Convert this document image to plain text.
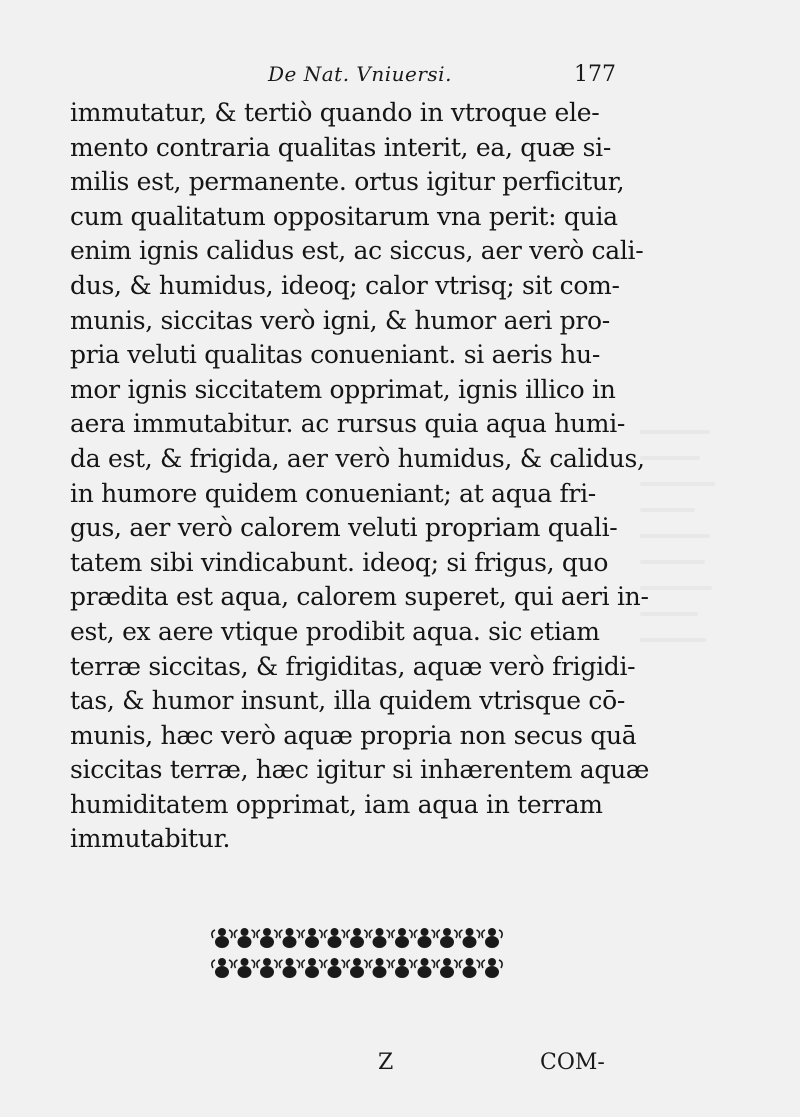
De Nat. Vniuersi.	177
immutatur, & tertiò quando in vtroque ele-
mento contraria qualitas interit, ea, quæ si-
milis est, permanente. ortus igitur perficitur,
cum qualitatum oppositarum vna perit: quia
enim ignis calidus est, ac siccus, aer verò cali-
dus, & humidus, ideoq; calor vtrisq; sit com-
munis, siccitas verò igni, & humor aeri pro-
pria veluti qualitas conueniant. si aeris hu-
mor ignis siccitatem opprimat, ignis illico in
aera immutabitur. ac rursus quia aqua humi-
da est, & frigida, aer verò humidus, & calidus,
in humore quidem conueniant; at aqua fri-
gus, aer verò calorem veluti propriam quali-
tatem sibi vindicabunt. ideoq; si frigus, quo
prædita est aqua, calorem superet, qui aeri in-
est, ex aere vtique prodibit aqua. sic etiam
terræ siccitas, & frigiditas, aquæ verò frigidi-
tas, & humor insunt, illa quidem vtrisque cō-
munis, hæc verò aquæ propria non secus quā
siccitas terræ, hæc igitur si inhærentem aquæ
humiditatem opprimat, iam aqua in terram
immutabitur.
Z	COM-
